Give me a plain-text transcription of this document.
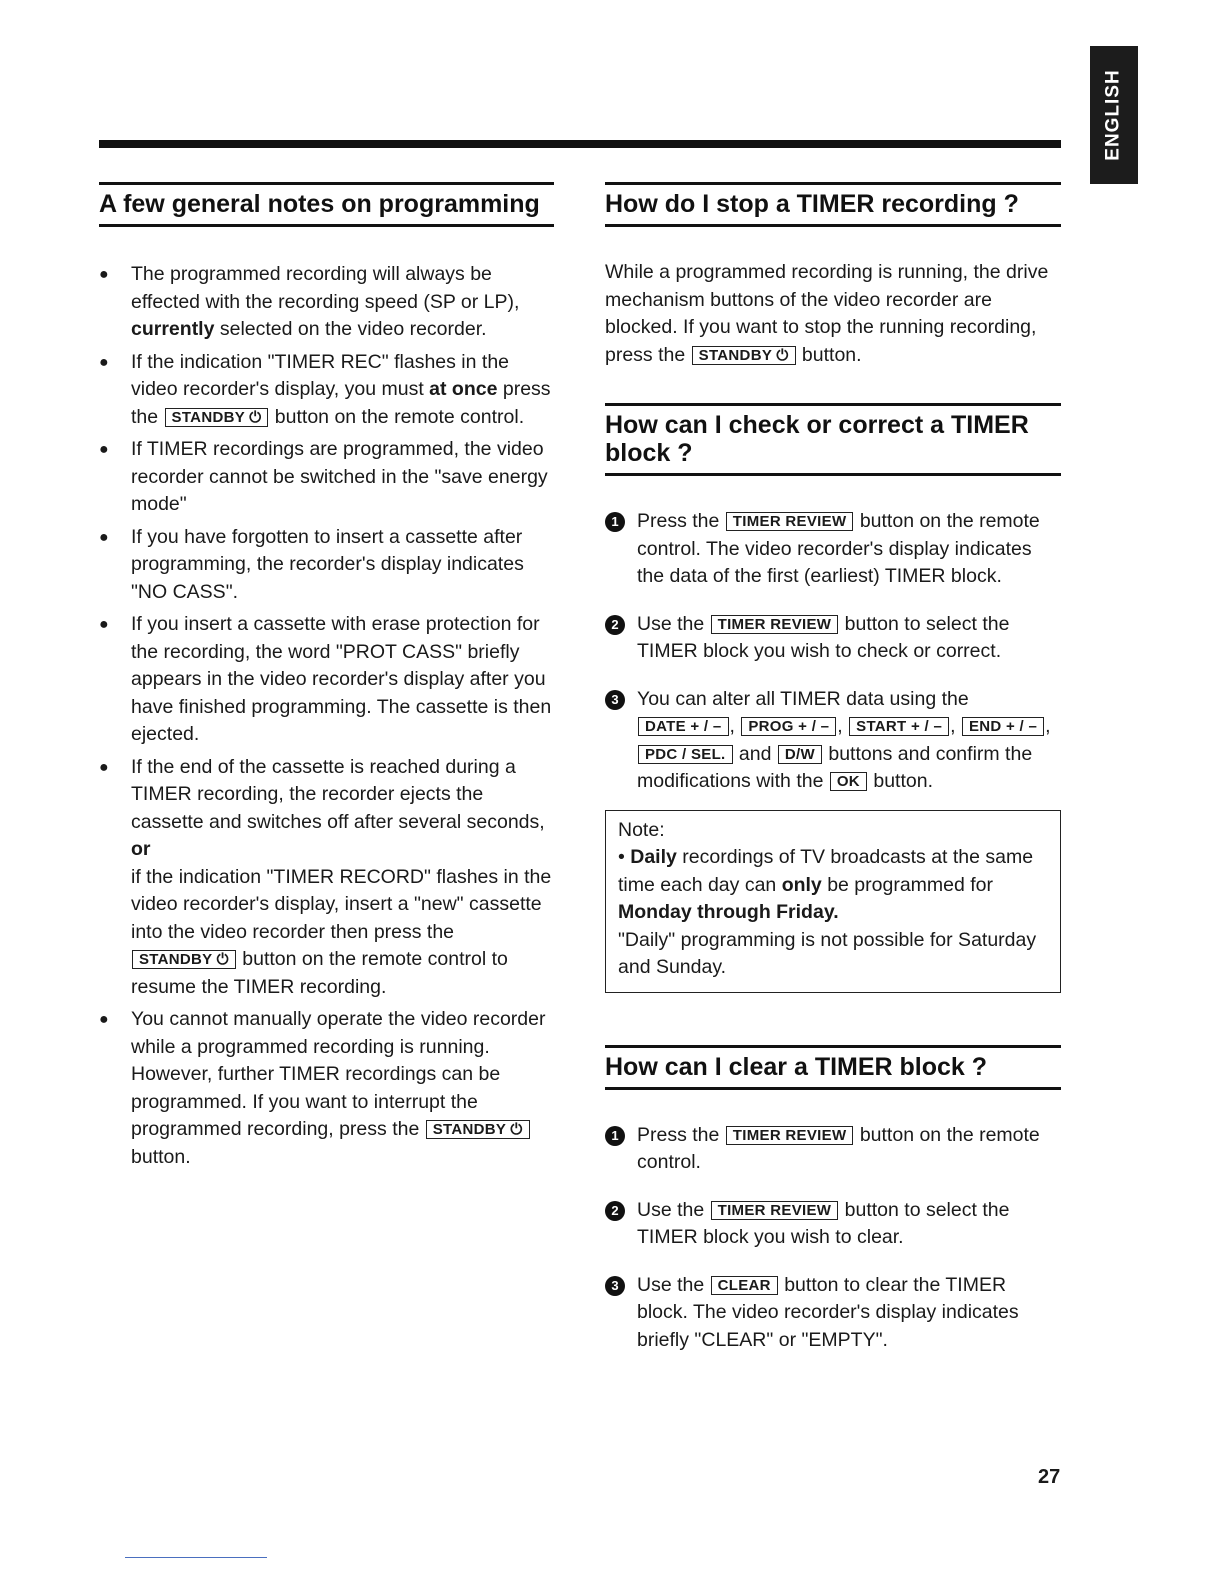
ENGLISH
A few general notes on programming
● The programmed recording will always be effected with the recording speed (SP or LP), currently selected on the video recorder.
● If the indication "TIMER REC" flashes in the video recorder's display, you must at once press the STANDBY ⏻ button on the remote control.
● If TIMER recordings are programmed, the video recorder cannot be switched in the "save energy mode"
● If you have forgotten to insert a cassette after programming, the recorder's display indicates "NO CASS".
● If you insert a cassette with erase protection for the recording, the word "PROT CASS" briefly appears in the video recorder's display after you have finished programming. The cassette is then ejected.
● If the end of the cassette is reached during a TIMER recording, the recorder ejects the cassette and switches off after several seconds,
or
if the indication "TIMER RECORD" flashes in the video recorder's display, insert a "new" cassette into the video recorder then press the STANDBY ⏻ button on the remote control to resume the TIMER recording.
● You cannot manually operate the video recorder while a programmed recording is running. However, further TIMER recordings can be programmed. If you want to interrupt the programmed recording, press the STANDBY ⏻ button.
How do I stop a TIMER recording ?

While a programmed recording is running, the drive mechanism buttons of the video recorder are blocked. If you want to stop the running recording, press the STANDBY ⏻ button.

How can I check or correct a TIMER block ?
1 Press the TIMER REVIEW button on the remote control. The video recorder's display indicates the data of the first (earliest) TIMER block.
2 Use the TIMER REVIEW button to select the TIMER block you wish to check or correct.
3 You can alter all TIMER data using the DATE + / – , PROG + / – , START + / – , END + / – , PDC / SEL. and D/W buttons and confirm the modifications with the OK button.
Note:
• Daily recordings of TV broadcasts at the same time each day can only be programmed for Monday through Friday.
"Daily" programming is not possible for Saturday and Sunday.
How can I clear a TIMER block ?
1 Press the TIMER REVIEW button on the remote control.
2 Use the TIMER REVIEW button to select the TIMER block you wish to clear.
3 Use the CLEAR button to clear the TIMER block. The video recorder's display indicates briefly "CLEAR" or "EMPTY".
27
